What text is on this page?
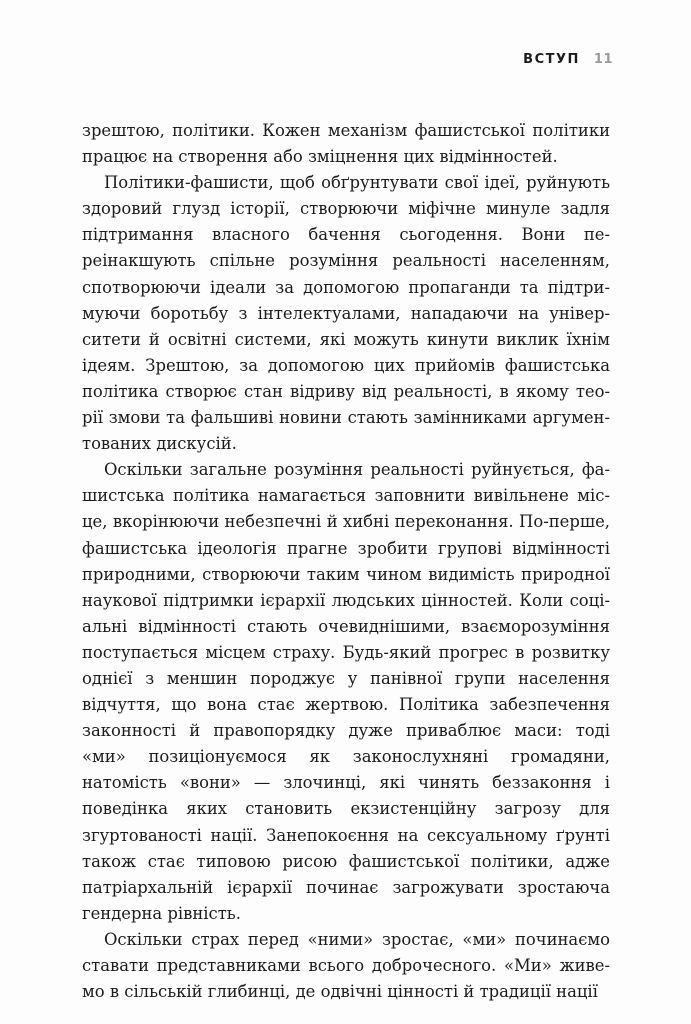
ВСТУП 11

зрештою, політики. Кожен механізм фашистської політики працює на створення або зміцнення цих відмінностей.

Політики-фашисти, щоб обґрунтувати свої ідеї, руйнують здоровий глузд історії, створюючи міфічне минуле задля підтримання власного бачення сьогодення. Вони переінакшують спільне розуміння реальності населенням, спотворюючи ідеали за допомогою пропаганди та підтримуючи боротьбу з інтелектуалами, нападаючи на університети й освітні системи, які можуть кинути виклик їхнім ідеям. Зрештою, за допомогою цих прийомів фашистська політика створює стан відриву від реальності, в якому теорії змови та фальшиві новини стають замінниками аргументованих дискусій.

Оскільки загальне розуміння реальності руйнується, фашистська політика намагається заповнити вивільнене місце, вкорінюючи небезпечні й хибні переконання. По-перше, фашистська ідеологія прагне зробити групові відмінності природними, створюючи таким чином видимість природної наукової підтримки ієрархії людських цінностей. Коли соціальні відмінності стають очевиднішими, взаєморозуміння поступається місцем страху. Будь-який прогрес в розвитку однієї з меншин породжує у панівної групи населення відчуття, що вона стає жертвою. Політика забезпечення законності й правопорядку дуже приваблює маси: тоді «ми» позиціонуємося як законослухняні громадяни, натомість «вони» — злочинці, які чинять беззаконня і поведінка яких становить екзистенційну загрозу для згуртованості нації. Занепокоєння на сексуальному ґрунті також стає типовою рисою фашистської політики, адже патріархальній ієрархії починає загрожувати зростаюча гендерна рівність.

Оскільки страх перед «ними» зростає, «ми» починаємо ставати представниками всього доброчесного. «Ми» живемо в сільській глибинці, де одвічні цінності й традиції нації
